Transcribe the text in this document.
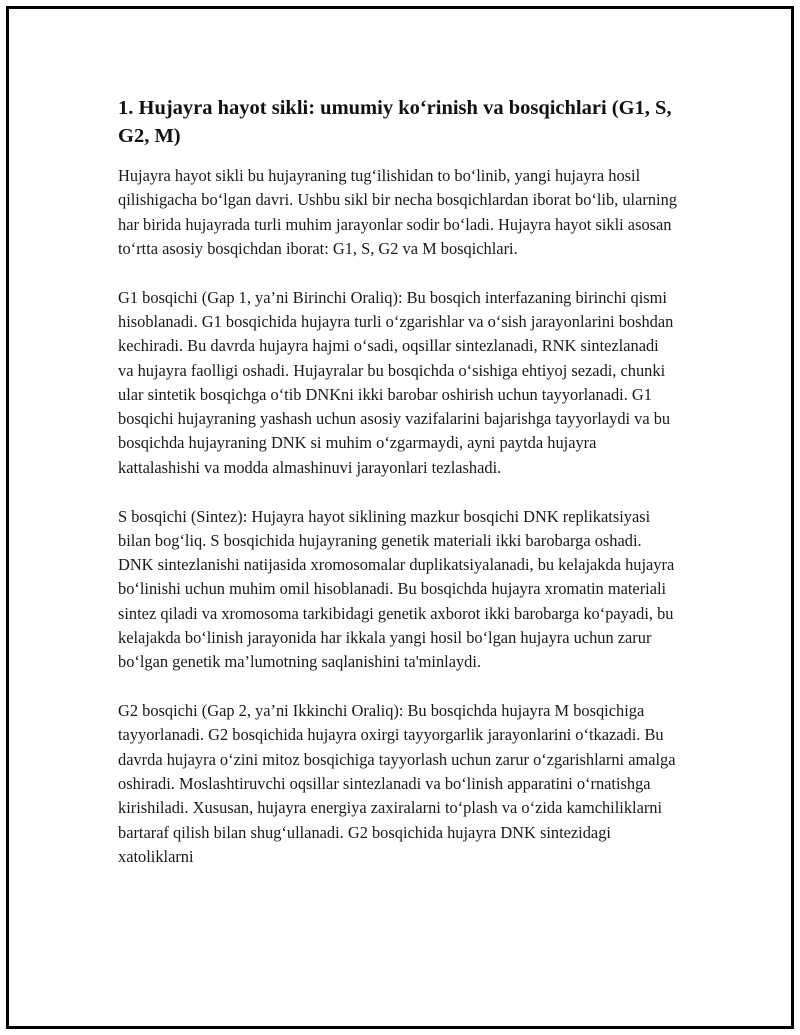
1. Hujayra hayot sikli: umumiy ko‘rinish va bosqichlari (G1, S, G2, M)

Hujayra hayot sikli bu hujayraning tug‘ilishidan to bo‘linib, yangi hujayra hosil qilishigacha bo‘lgan davri. Ushbu sikl bir necha bosqichlardan iborat bo‘lib, ularning har birida hujayrada turli muhim jarayonlar sodir bo‘ladi. Hujayra hayot sikli asosan to‘rtta asosiy bosqichdan iborat: G1, S, G2 va M bosqichlari.

G1 bosqichi (Gap 1, ya’ni Birinchi Oraliq): Bu bosqich interfazaning birinchi qismi hisoblanadi. G1 bosqichida hujayra turli o‘zgarishlar va o‘sish jarayonlarini boshdan kechiradi. Bu davrda hujayra hajmi o‘sadi, oqsillar sintezlanadi, RNK sintezlanadi va hujayra faolligi oshadi. Hujayralar bu bosqichda o‘sishiga ehtiyoj sezadi, chunki ular sintetik bosqichga o‘tib DNKni ikki barobar oshirish uchun tayyorlanadi. G1 bosqichi hujayraning yashash uchun asosiy vazifalarini bajarishga tayyorlaydi va bu bosqichda hujayraning DNK si muhim o‘zgarmaydi, ayni paytda hujayra kattalashishi va modda almashinuvi jarayonlari tezlashadi.

S bosqichi (Sintez): Hujayra hayot siklining mazkur bosqichi DNK replikatsiyasi bilan bog‘liq. S bosqichida hujayraning genetik materiali ikki barobarga oshadi. DNK sintezlanishi natijasida xromosomalar duplikatsiyalanadi, bu kelajakda hujayra bo‘linishi uchun muhim omil hisoblanadi. Bu bosqichda hujayra xromatin materiali sintez qiladi va xromosoma tarkibidagi genetik axborot ikki barobarga ko‘payadi, bu kelajakda bo‘linish jarayonida har ikkala yangi hosil bo‘lgan hujayra uchun zarur bo‘lgan genetik ma’lumotning saqlanishini ta'minlaydi.

G2 bosqichi (Gap 2, ya’ni Ikkinchi Oraliq): Bu bosqichda hujayra M bosqichiga tayyorlanadi. G2 bosqichida hujayra oxirgi tayyorgarlik jarayonlarini o‘tkazadi. Bu davrda hujayra o‘zini mitoz bosqichiga tayyorlash uchun zarur o‘zgarishlarni amalga oshiradi. Moslashtiruvchi oqsillar sintezlanadi va bo‘linish apparatini o‘rnatishga kirishiladi. Xususan, hujayra energiya zaxiralarni to‘plash va o‘zida kamchiliklarni bartaraf qilish bilan shug‘ullanadi. G2 bosqichida hujayra DNK sintezidagi xatoliklarni
